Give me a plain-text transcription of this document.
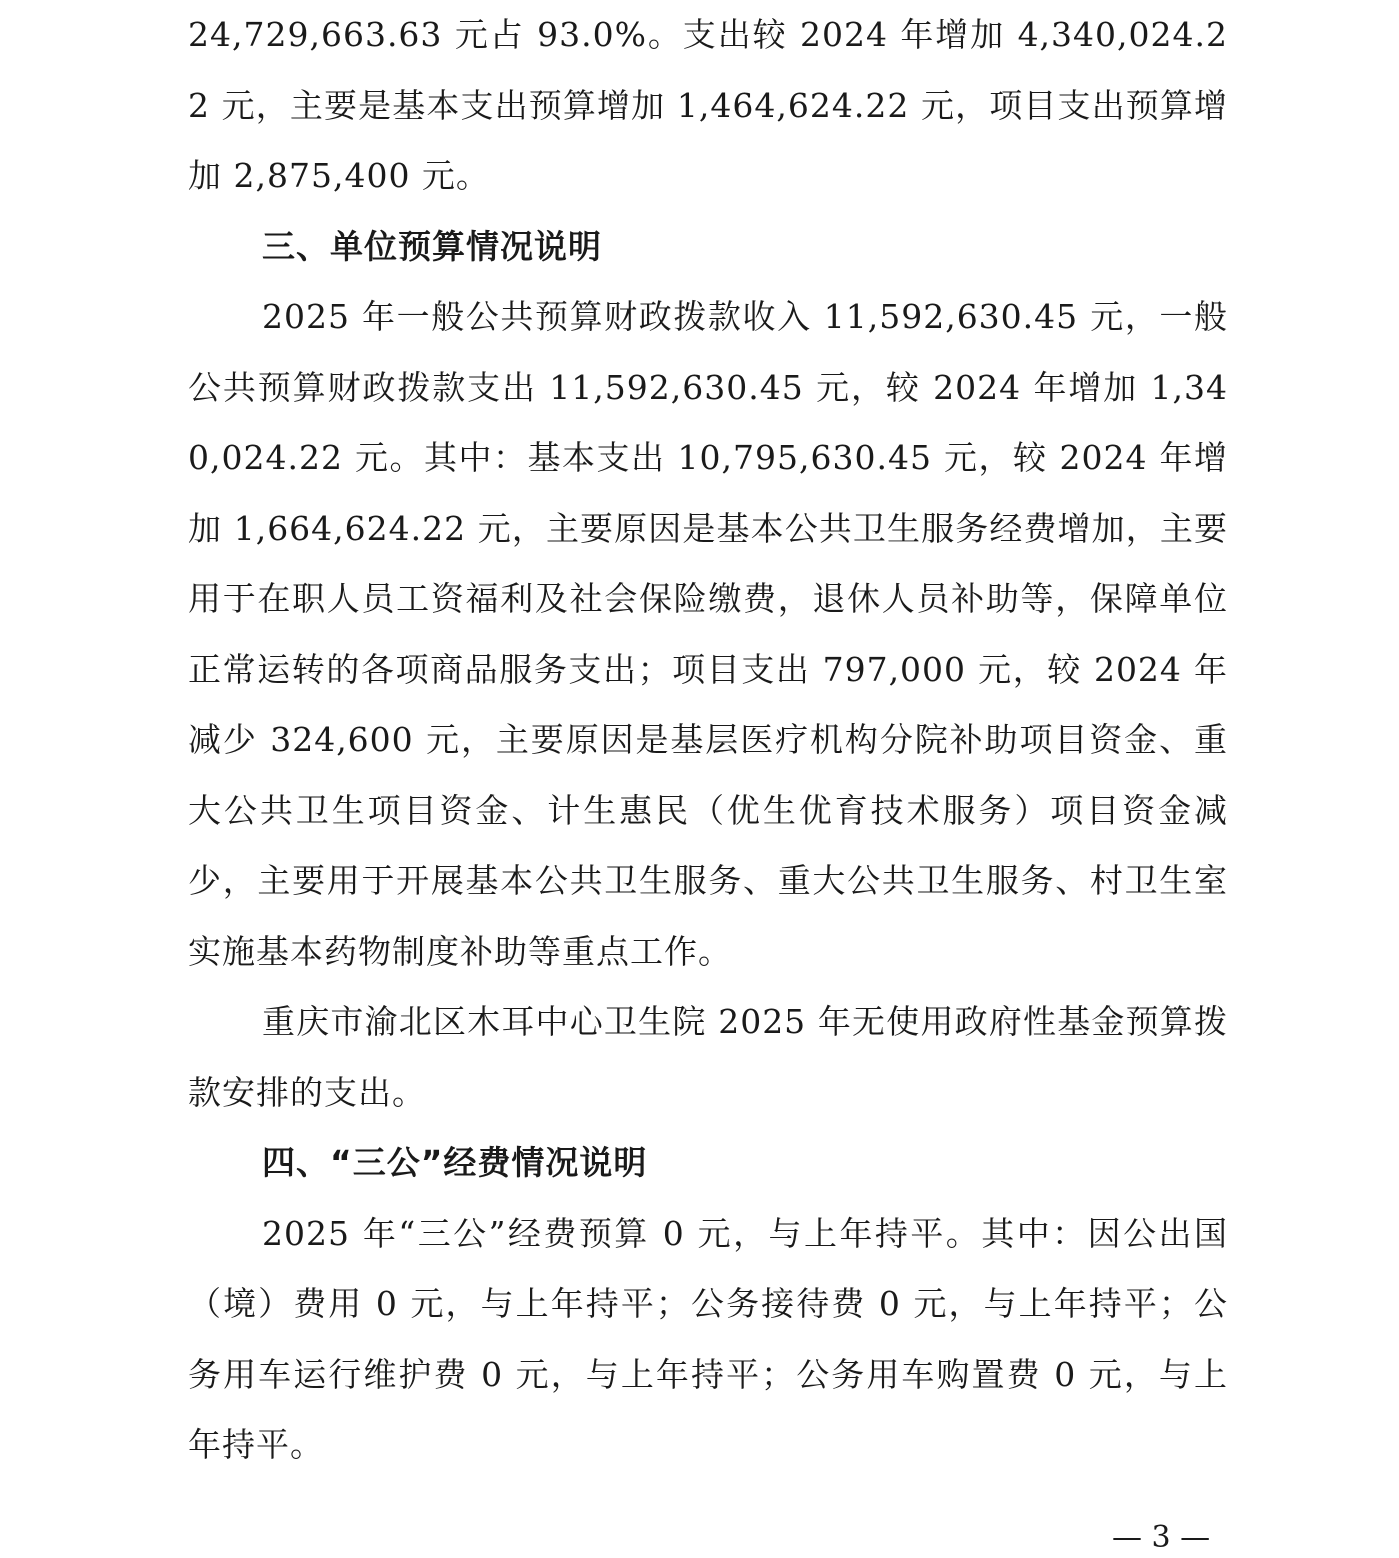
24,729,663.63 元占 93.0%。支出较 2024 年增加 4,340,024.22 元，主要是基本支出预算增加 1,464,624.22 元，项目支出预算增加 2,875,400 元。

三、单位预算情况说明

2025 年一般公共预算财政拨款收入 11,592,630.45 元，一般公共预算财政拨款支出 11,592,630.45 元，较 2024 年增加 1,340,024.22 元。其中：基本支出 10,795,630.45 元，较 2024 年增加 1,664,624.22 元，主要原因是基本公共卫生服务经费增加，主要用于在职人员工资福利及社会保险缴费，退休人员补助等，保障单位正常运转的各项商品服务支出；项目支出 797,000 元，较 2024 年减少 324,600 元，主要原因是基层医疗机构分院补助项目资金、重大公共卫生项目资金、计生惠民（优生优育技术服务）项目资金减少，主要用于开展基本公共卫生服务、重大公共卫生服务、村卫生室实施基本药物制度补助等重点工作。

重庆市渝北区木耳中心卫生院 2025 年无使用政府性基金预算拨款安排的支出。

四、“三公”经费情况说明

2025 年“三公”经费预算 0 元，与上年持平。其中：因公出国（境）费用 0 元，与上年持平；公务接待费 0 元，与上年持平；公务用车运行维护费 0 元，与上年持平；公务用车购置费 0 元，与上年持平。

— 3 —
